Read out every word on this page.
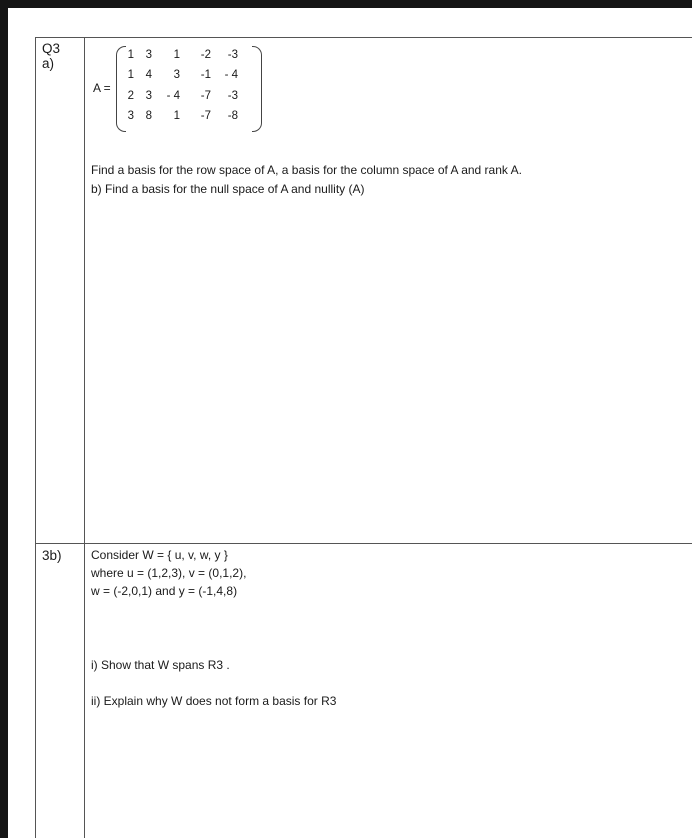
Q3
a)
A =
1	3	1	-2	-3
1	4	3	-1	- 4
2	3	- 4	-7	-3
3	8	1	-7	-8
Find a basis for the row space of A, a basis for the column space of A and rank A.
b) Find a basis for the null space of A and nullity (A)
3b) Consider W = { u, v, w, y }
where u = (1,2,3), v = (0,1,2),
w = (-2,0,1) and y = (-1,4,8)
i) Show that W spans R3 .
ii) Explain why W does not form a basis for R3
